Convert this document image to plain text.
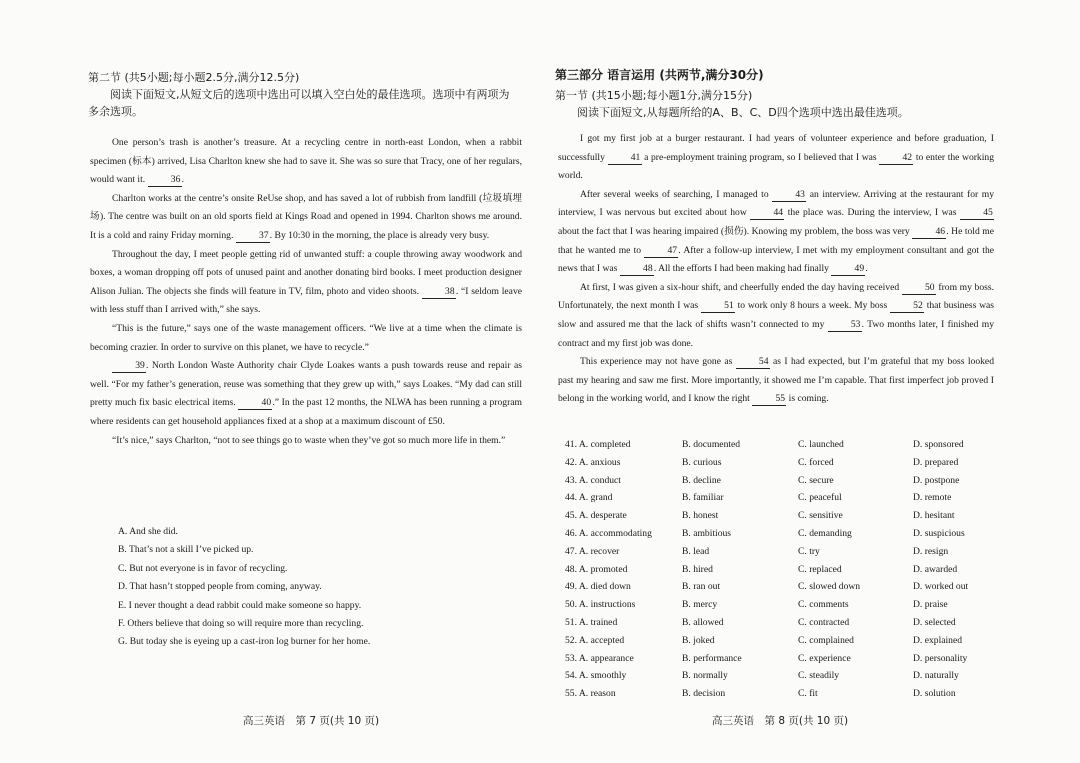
第二节 (共5小题;每小题2.5分,满分12.5分)
阅读下面短文,从短文后的选项中选出可以填入空白处的最佳选项。选项中有两项为多余选项。
One person’s trash is another’s treasure. At a recycling centre in north-east London, when a rabbit specimen (标本) arrived, Lisa Charlton knew she had to save it. She was so sure that Tracy, one of her regulars, would want it. 36.
Charlton works at the centre’s onsite ReUse shop, and has saved a lot of rubbish from landfill (垃圾填埋场). The centre was built on an old sports field at Kings Road and opened in 1994. Charlton shows me around. It is a cold and rainy Friday morning. 37. By 10:30 in the morning, the place is already very busy.
Throughout the day, I meet people getting rid of unwanted stuff: a couple throwing away woodwork and boxes, a woman dropping off pots of unused paint and another donating bird books. I meet production designer Alison Julian. The objects she finds will feature in TV, film, photo and video shoots. 38. “I seldom leave with less stuff than I arrived with,” she says.
“This is the future,” says one of the waste management officers. “We live at a time when the climate is becoming crazier. In order to survive on this planet, we have to recycle.”
39. North London Waste Authority chair Clyde Loakes wants a push towards reuse and repair as well. “For my father’s generation, reuse was something that they grew up with,” says Loakes. “My dad can still pretty much fix basic electrical items. 40.” In the past 12 months, the NLWA has been running a program where residents can get household appliances fixed at a shop at a maximum discount of £50.
“It’s nice,” says Charlton, “not to see things go to waste when they’ve got so much more life in them.”
A. And she did.
B. That’s not a skill I’ve picked up.
C. But not everyone is in favor of recycling.
D. That hasn’t stopped people from coming, anyway.
E. I never thought a dead rabbit could make someone so happy.
F. Others believe that doing so will require more than recycling.
G. But today she is eyeing up a cast-iron log burner for her home.
高三英语　第 7 页(共 10 页)
第三部分 语言运用 (共两节,满分30分)
第一节 (共15小题;每小题1分,满分15分)
阅读下面短文,从每题所给的A、B、C、D四个选项中选出最佳选项。
I got my first job at a burger restaurant. I had years of volunteer experience and before graduation, I successfully 41 a pre-employment training program, so I believed that I was 42 to enter the working world.
After several weeks of searching, I managed to 43 an interview. Arriving at the restaurant for my interview, I was nervous but excited about how 44 the place was. During the interview, I was 45 about the fact that I was hearing impaired (损伤). Knowing my problem, the boss was very 46. He told me that he wanted me to 47. After a follow-up interview, I met with my employment consultant and got the news that I was 48. All the efforts I had been making had finally 49.
At first, I was given a six-hour shift, and cheerfully ended the day having received 50 from my boss. Unfortunately, the next month I was 51 to work only 8 hours a week. My boss 52 that business was slow and assured me that the lack of shifts wasn’t connected to my 53. Two months later, I finished my contract and my first job was done.
This experience may not have gone as 54 as I had expected, but I’m grateful that my boss looked past my hearing and saw me first. More importantly, it showed me I’m capable. That first imperfect job proved I belong in the working world, and I know the right 55 is coming.
41. A. completed	B. documented	C. launched	D. sponsored
42. A. anxious	B. curious	C. forced	D. prepared
43. A. conduct	B. decline	C. secure	D. postpone
44. A. grand	B. familiar	C. peaceful	D. remote
45. A. desperate	B. honest	C. sensitive	D. hesitant
46. A. accommodating	B. ambitious	C. demanding	D. suspicious
47. A. recover	B. lead	C. try	D. resign
48. A. promoted	B. hired	C. replaced	D. awarded
49. A. died down	B. ran out	C. slowed down	D. worked out
50. A. instructions	B. mercy	C. comments	D. praise
51. A. trained	B. allowed	C. contracted	D. selected
52. A. accepted	B. joked	C. complained	D. explained
53. A. appearance	B. performance	C. experience	D. personality
54. A. smoothly	B. normally	C. steadily	D. naturally
55. A. reason	B. decision	C. fit	D. solution
高三英语　第 8 页(共 10 页)
